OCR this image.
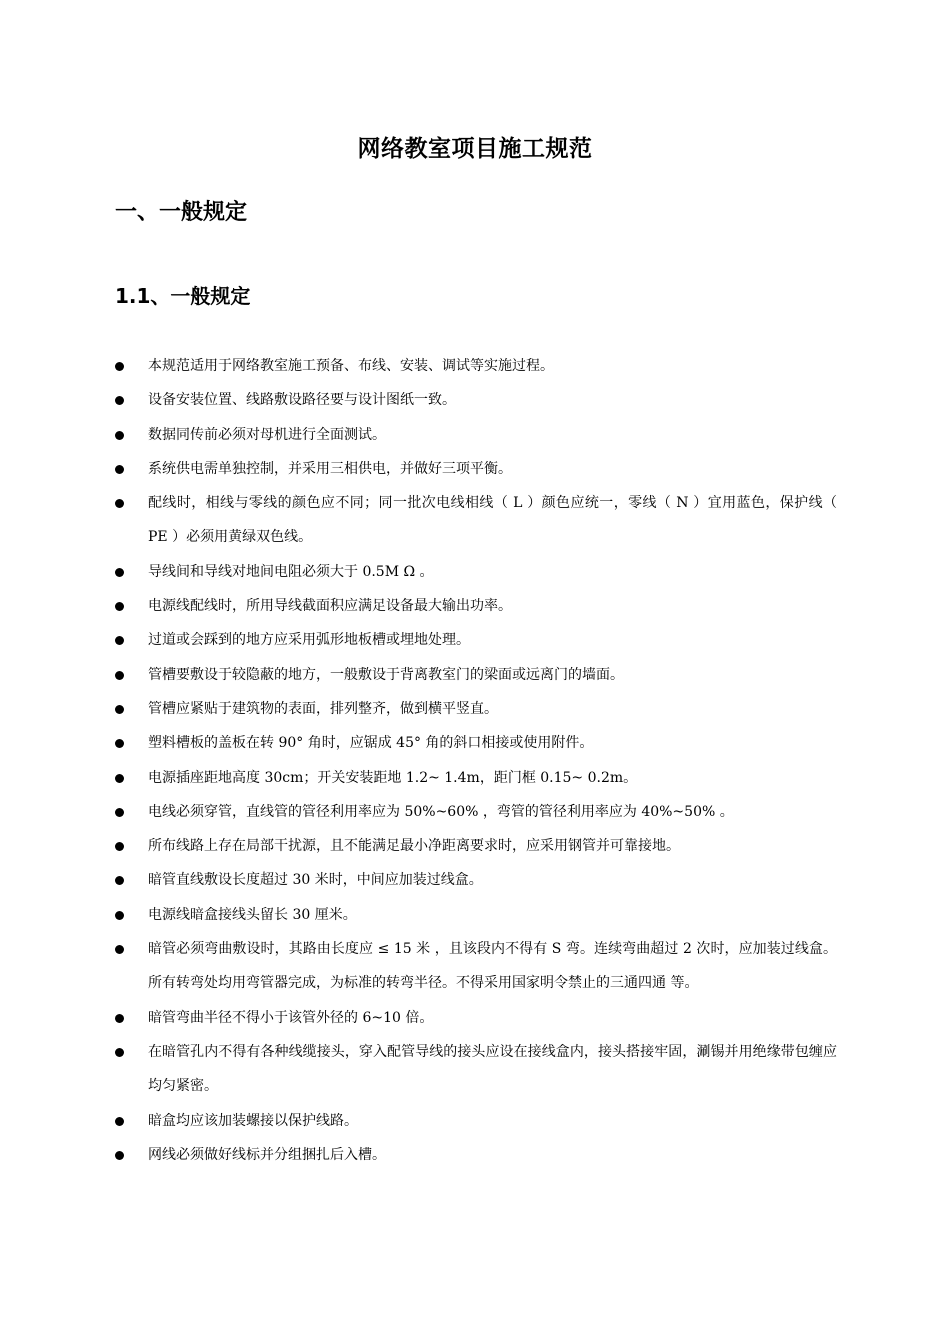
网络教室项目施工规范
一、一般规定
1.1、一般规定
本规范适用于网络教室施工预备、布线、安装、调试等实施过程。
设备安装位置、线路敷设路径要与设计图纸一致。
数据同传前必须对母机进行全面测试。
系统供电需单独控制，并采用三相供电，并做好三项平衡。
配线时，相线与零线的颜色应不同；同一批次电线相线（ L ）颜色应统一，零线（ N ）宜用蓝色，保护线（ PE ）必须用黄绿双色线。
导线间和导线对地间电阻必须大于 0.5M Ω 。
电源线配线时，所用导线截面积应满足设备最大输出功率。
过道或会踩到的地方应采用弧形地板槽或埋地处理。
管槽要敷设于较隐蔽的地方，一般敷设于背离教室门的梁面或远离门的墙面。
管槽应紧贴于建筑物的表面，排列整齐，做到横平竖直。
塑料槽板的盖板在转 90° 角时，应锯成 45° 角的斜口相接或使用附件。
电源插座距地高度 30cm；开关安装距地 1.2~ 1.4m，距门框 0.15~ 0.2m。
电线必须穿管，直线管的管径利用率应为 50%~60% ，弯管的管径利用率应为 40%~50% 。
所布线路上存在局部干扰源，且不能满足最小净距离要求时，应采用钢管并可靠接地。
暗管直线敷设长度超过 30 米时，中间应加装过线盒。
电源线暗盒接线头留长 30 厘米。
暗管必须弯曲敷设时，其路由长度应 ≤ 15 米 ，且该段内不得有 S 弯。连续弯曲超过 2 次时，应加装过线盒。 所有转弯处均用弯管器完成，为标准的转弯半径。不得采用国家明令禁止的三通四通 等。
暗管弯曲半径不得小于该管外径的 6~10 倍。
在暗管孔内不得有各种线缆接头，穿入配管导线的接头应设在接线盒内，接头搭接牢固，涮锡并用绝缘带包缠应均匀紧密。
暗盒均应该加装螺接以保护线路。
网线必须做好线标并分组捆扎后入槽。
